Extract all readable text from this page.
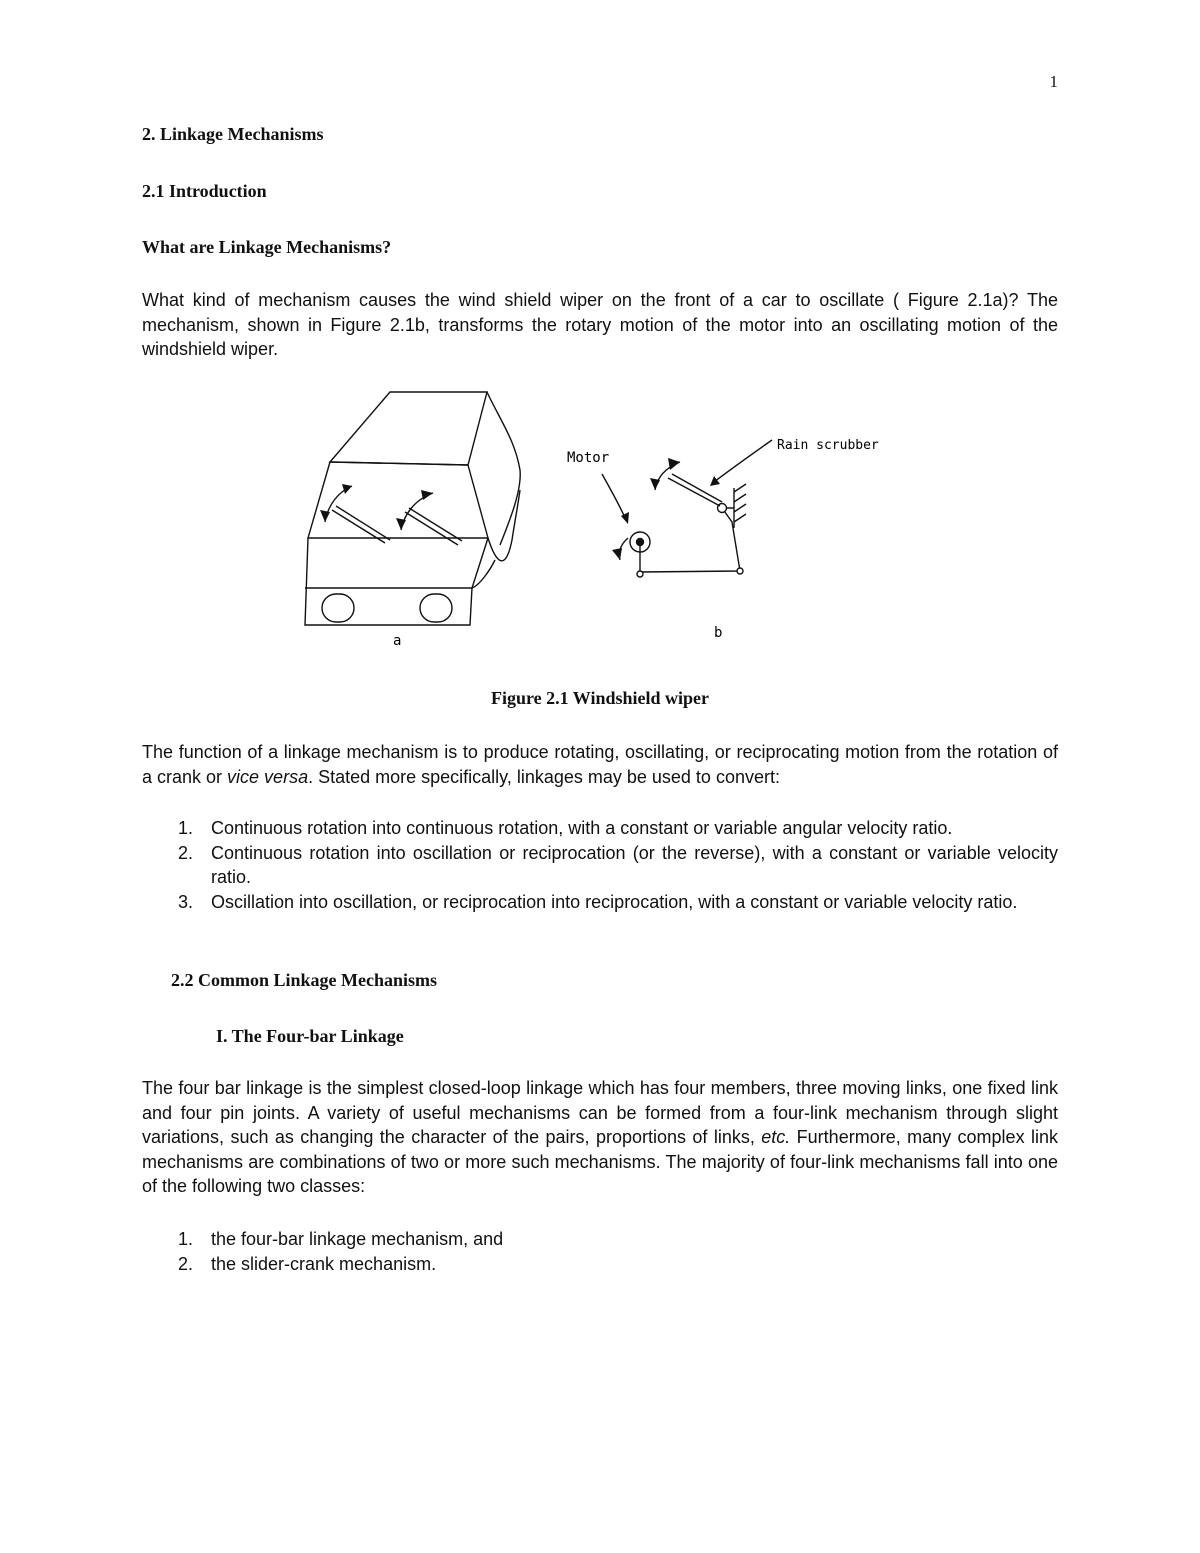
1
2. Linkage Mechanisms
2.1 Introduction
What are Linkage Mechanisms?
What kind of mechanism causes the wind shield wiper on the front of a car to oscillate ( Figure 2.1a)? The mechanism, shown in Figure 2.1b, transforms the rotary motion of the motor into an oscillating motion of the windshield wiper.
a	b
Motor
Rain scrubber
Figure 2.1 Windshield wiper
The function of a linkage mechanism is to produce rotating, oscillating, or reciprocating motion from the rotation of a crank or vice versa. Stated more specifically, linkages may be used to convert:
1. Continuous rotation into continuous rotation, with a constant or variable angular velocity ratio.
2. Continuous rotation into oscillation or reciprocation (or the reverse), with a constant or variable velocity ratio.
3. Oscillation into oscillation, or reciprocation into reciprocation, with a constant or variable velocity ratio.
2.2 Common Linkage Mechanisms
I. The Four-bar Linkage
The four bar linkage is the simplest closed-loop linkage which has four members, three moving links, one fixed link and four pin joints. A variety of useful mechanisms can be formed from a four-link mechanism through slight variations, such as changing the character of the pairs, proportions of links, etc. Furthermore, many complex link mechanisms are combinations of two or more such mechanisms. The majority of four-link mechanisms fall into one of the following two classes:
1. the four-bar linkage mechanism, and
2. the slider-crank mechanism.
